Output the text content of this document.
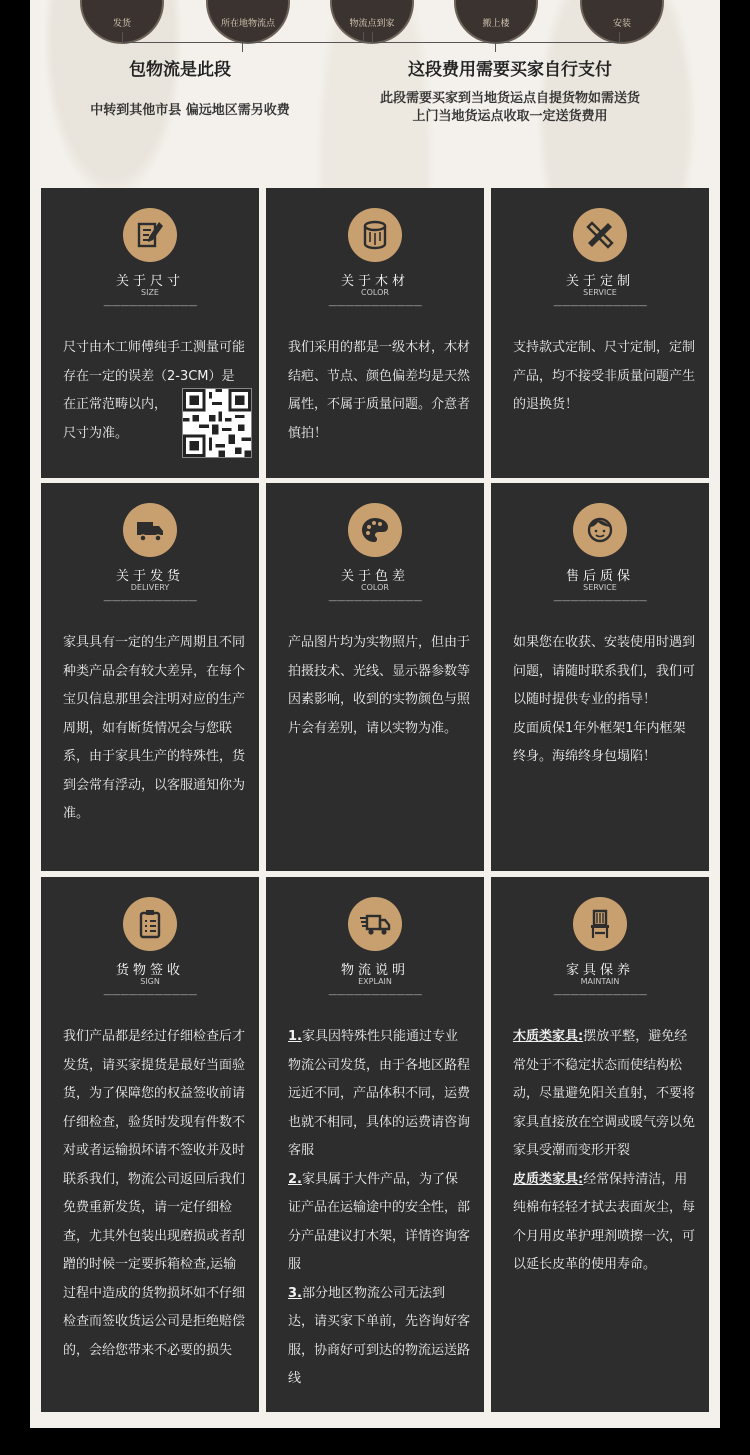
发货	所在地物流点	物流点到家	搬上楼	安装
包物流是此段
中转到其他市县 偏远地区需另收费
这段费用需要买家自行支付
此段需要买家到当地货运点自提货物如需送货
上门当地货运点收取一定送货费用
关于尺寸
SIZE
———————————

尺寸由木工师傅纯手工测量可能存在一定的误差（2-3CM）是在正常范畴以内，

尺寸为准。

关于木材
COLOR
———————————

我们采用的都是一级木材，木材结疤、节点、颜色偏差均是天然属性，不属于质量问题。介意者慎拍！

关于定制
SERVICE
———————————

支持款式定制、尺寸定制，定制产品，均不接受非质量问题产生的退换货！

关于发货
DELIVERY
———————————

家具具有一定的生产周期且不同种类产品会有较大差异，在每个宝贝信息那里会注明对应的生产周期，如有断货情况会与您联系，由于家具生产的特殊性，货到会常有浮动，以客服通知你为准。

关于色差
COLOR
———————————

产品图片均为实物照片，但由于拍摄技术、光线、显示器参数等因素影响，收到的实物颜色与照片会有差别，请以实物为准。

售后质保
SERVICE
———————————

如果您在收获、安装使用时遇到问题，请随时联系我们，我们可以随时提供专业的指导！

皮面质保1年外框架1年内框架终身。海绵终身包塌陷！

货物签收
SIGN
———————————

我们产品都是经过仔细检查后才发货，请买家提货是最好当面验货，为了保障您的权益签收前请仔细检查，验货时发现有件数不对或者运输损坏请不签收并及时联系我们，物流公司返回后我们免费重新发货，请一定仔细检查，尤其外包装出现磨损或者刮蹭的时候一定要拆箱检查,运输过程中造成的货物损坏如不仔细检查而签收货运公司是拒绝赔偿的，会给您带来不必要的损失

物流说明
EXPLAIN
———————————

1.家具因特殊性只能通过专业物流公司发货，由于各地区路程远近不同，产品体积不同，运费也就不相同，具体的运费请咨询客服

2.家具属于大件产品，为了保证产品在运输途中的安全性，部分产品建议打木架，详情咨询客服

3.部分地区物流公司无法到达，请买家下单前，先咨询好客服，协商好可到达的物流运送路线

家具保养
MAINTAIN
———————————

木质类家具:摆放平整，避免经常处于不稳定状态而使结构松动，尽量避免阳关直射，不要将家具直接放在空调或暖气旁以免家具受潮而变形开裂

皮质类家具:经常保持清洁，用纯棉布轻轻才拭去表面灰尘，每个月用皮革护理剂喷擦一次，可以延长皮革的使用寿命。
